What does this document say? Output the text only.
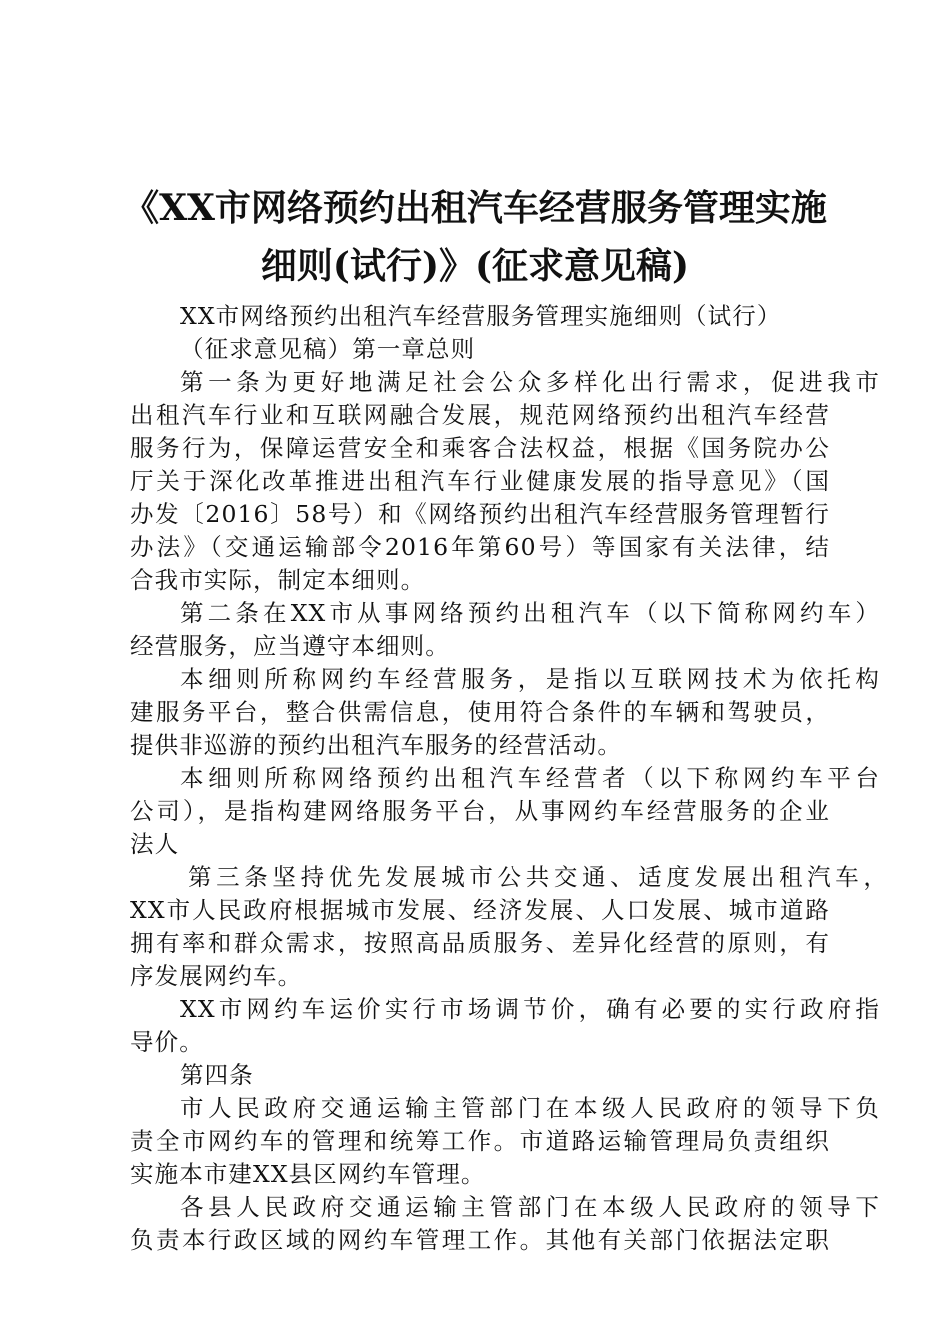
《XX市网络预约出租汽车经营服务管理实施
细则(试行)》(征求意见稿)
XX市网络预约出租汽车经营服务管理实施细则（试行）
（征求意见稿）第一章总则
第一条为更好地满足社会公众多样化出行需求，促进我市
出租汽车行业和互联网融合发展，规范网络预约出租汽车经营
服务行为，保障运营安全和乘客合法权益，根据《国务院办公
厅关于深化改革推进出租汽车行业健康发展的指导意见》（国
办发〔2016〕58号）和《网络预约出租汽车经营服务管理暂行
办法》（交通运输部令2016年第60号）等国家有关法律，结
合我市实际，制定本细则。
第二条在XX市从事网络预约出租汽车（以下简称网约车）
经营服务，应当遵守本细则。
本细则所称网约车经营服务，是指以互联网技术为依托构
建服务平台，整合供需信息，使用符合条件的车辆和驾驶员，
提供非巡游的预约出租汽车服务的经营活动。
本细则所称网络预约出租汽车经营者（以下称网约车平台
公司），是指构建网络服务平台，从事网约车经营服务的企业
法人
第三条坚持优先发展城市公共交通、适度发展出租汽车，
XX市人民政府根据城市发展、经济发展、人口发展、城市道路
拥有率和群众需求，按照高品质服务、差异化经营的原则，有
序发展网约车。
XX市网约车运价实行市场调节价，确有必要的实行政府指
导价。
第四条
市人民政府交通运输主管部门在本级人民政府的领导下负
责全市网约车的管理和统筹工作。市道路运输管理局负责组织
实施本市建XX县区网约车管理。
各县人民政府交通运输主管部门在本级人民政府的领导下
负责本行政区域的网约车管理工作。其他有关部门依据法定职
